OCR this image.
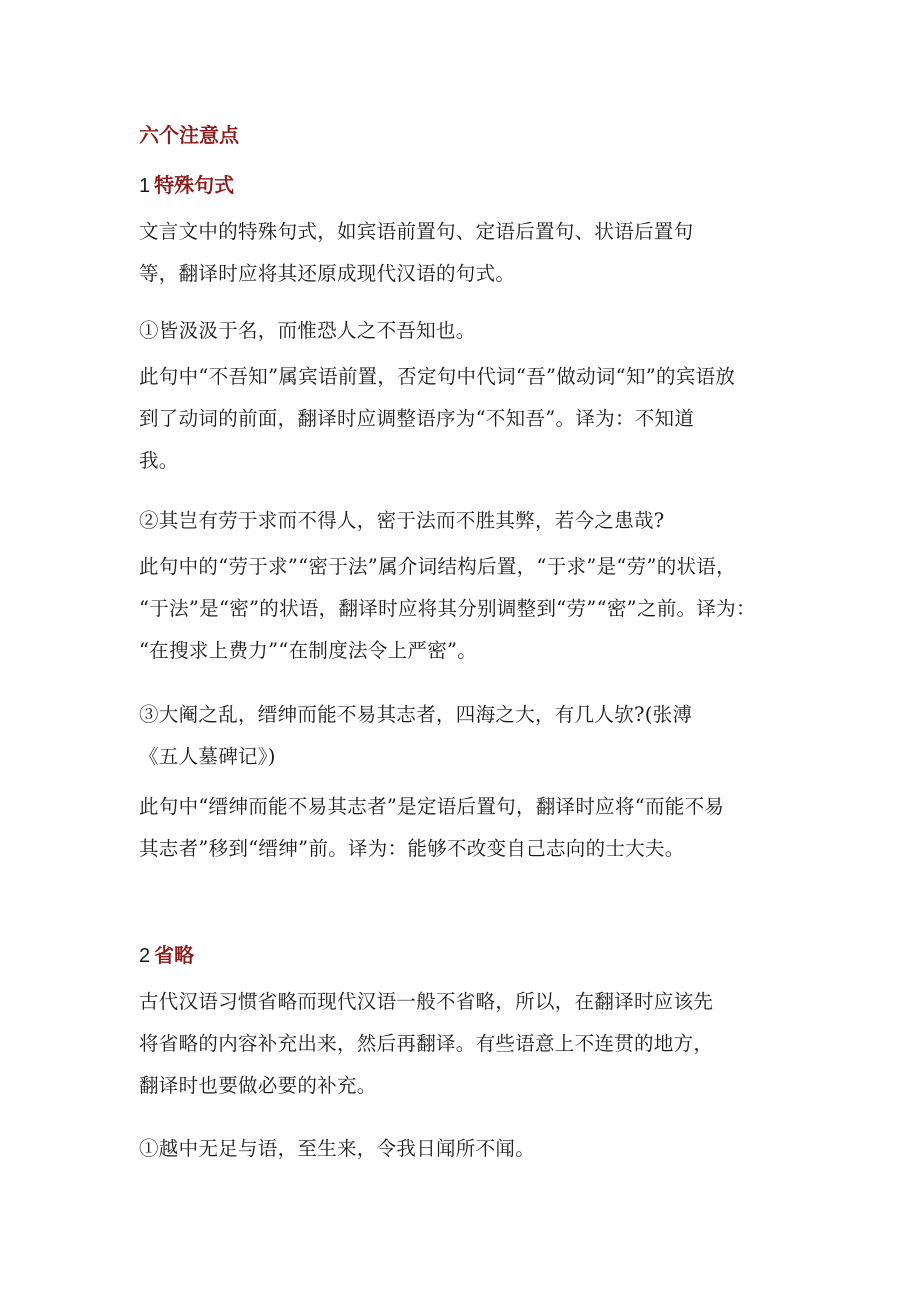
六个注意点
1 特殊句式
文言文中的特殊句式，如宾语前置句、定语后置句、状语后置句
等，翻译时应将其还原成现代汉语的句式。
①皆汲汲于名，而惟恐人之不吾知也。
此句中“不吾知”属宾语前置，否定句中代词“吾”做动词“知”的宾语放
到了动词的前面，翻译时应调整语序为“不知吾”。译为：不知道
我。
②其岂有劳于求而不得人，密于法而不胜其弊，若今之患哉?
此句中的“劳于求”“密于法”属介词结构后置，“于求”是“劳”的状语，
“于法”是“密”的状语，翻译时应将其分别调整到“劳”“密”之前。译为：
“在搜求上费力”“在制度法令上严密”。
③大阉之乱，缙绅而能不易其志者，四海之大，有几人欤?(张溥
《五人墓碑记》)
此句中“缙绅而能不易其志者”是定语后置句，翻译时应将“而能不易
其志者”移到“缙绅”前。译为：能够不改变自己志向的士大夫。
2 省略
古代汉语习惯省略而现代汉语一般不省略，所以，在翻译时应该先
将省略的内容补充出来，然后再翻译。有些语意上不连贯的地方，
翻译时也要做必要的补充。
①越中无足与语，至生来，令我日闻所不闻。
